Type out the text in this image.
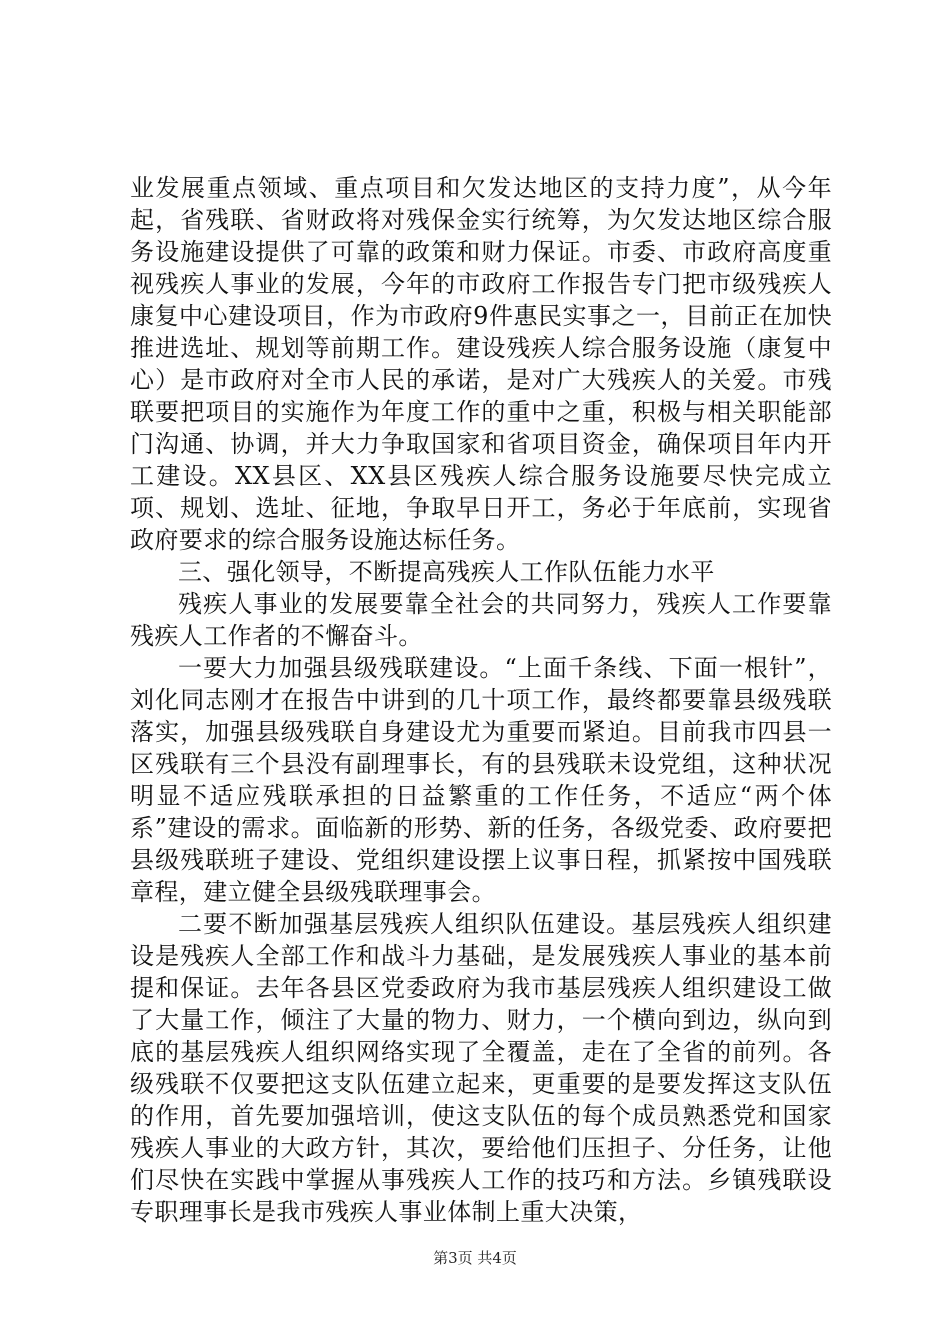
业发展重点领域、重点项目和欠发达地区的支持力度”，从今年起，省残联、省财政将对残保金实行统筹，为欠发达地区综合服务设施建设提供了可靠的政策和财力保证。市委、市政府高度重视残疾人事业的发展，今年的市政府工作报告专门把市级残疾人康复中心建设项目，作为市政府9件惠民实事之一，目前正在加快推进选址、规划等前期工作。建设残疾人综合服务设施（康复中心）是市政府对全市人民的承诺，是对广大残疾人的关爱。市残联要把项目的实施作为年度工作的重中之重，积极与相关职能部门沟通、协调，并大力争取国家和省项目资金，确保项目年内开工建设。XX县区、XX县区残疾人综合服务设施要尽快完成立项、规划、选址、征地，争取早日开工，务必于年底前，实现省政府要求的综合服务设施达标任务。

三、强化领导，不断提高残疾人工作队伍能力水平

残疾人事业的发展要靠全社会的共同努力，残疾人工作要靠残疾人工作者的不懈奋斗。

一要大力加强县级残联建设。“上面千条线、下面一根针”，刘化同志刚才在报告中讲到的几十项工作，最终都要靠县级残联落实，加强县级残联自身建设尤为重要而紧迫。目前我市四县一区残联有三个县没有副理事长，有的县残联未设党组，这种状况明显不适应残联承担的日益繁重的工作任务，不适应“两个体系”建设的需求。面临新的形势、新的任务，各级党委、政府要把县级残联班子建设、党组织建设摆上议事日程，抓紧按中国残联章程，建立健全县级残联理事会。

二要不断加强基层残疾人组织队伍建设。基层残疾人组织建设是残疾人全部工作和战斗力基础，是发展残疾人事业的基本前提和保证。去年各县区党委政府为我市基层残疾人组织建设工做了大量工作，倾注了大量的物力、财力，一个横向到边，纵向到底的基层残疾人组织网络实现了全覆盖，走在了全省的前列。各级残联不仅要把这支队伍建立起来，更重要的是要发挥这支队伍的作用，首先要加强培训，使这支队伍的每个成员熟悉党和国家残疾人事业的大政方针，其次，要给他们压担子、分任务，让他们尽快在实践中掌握从事残疾人工作的技巧和方法。乡镇残联设专职理事长是我市残疾人事业体制上重大决策，

第3页 共4页
